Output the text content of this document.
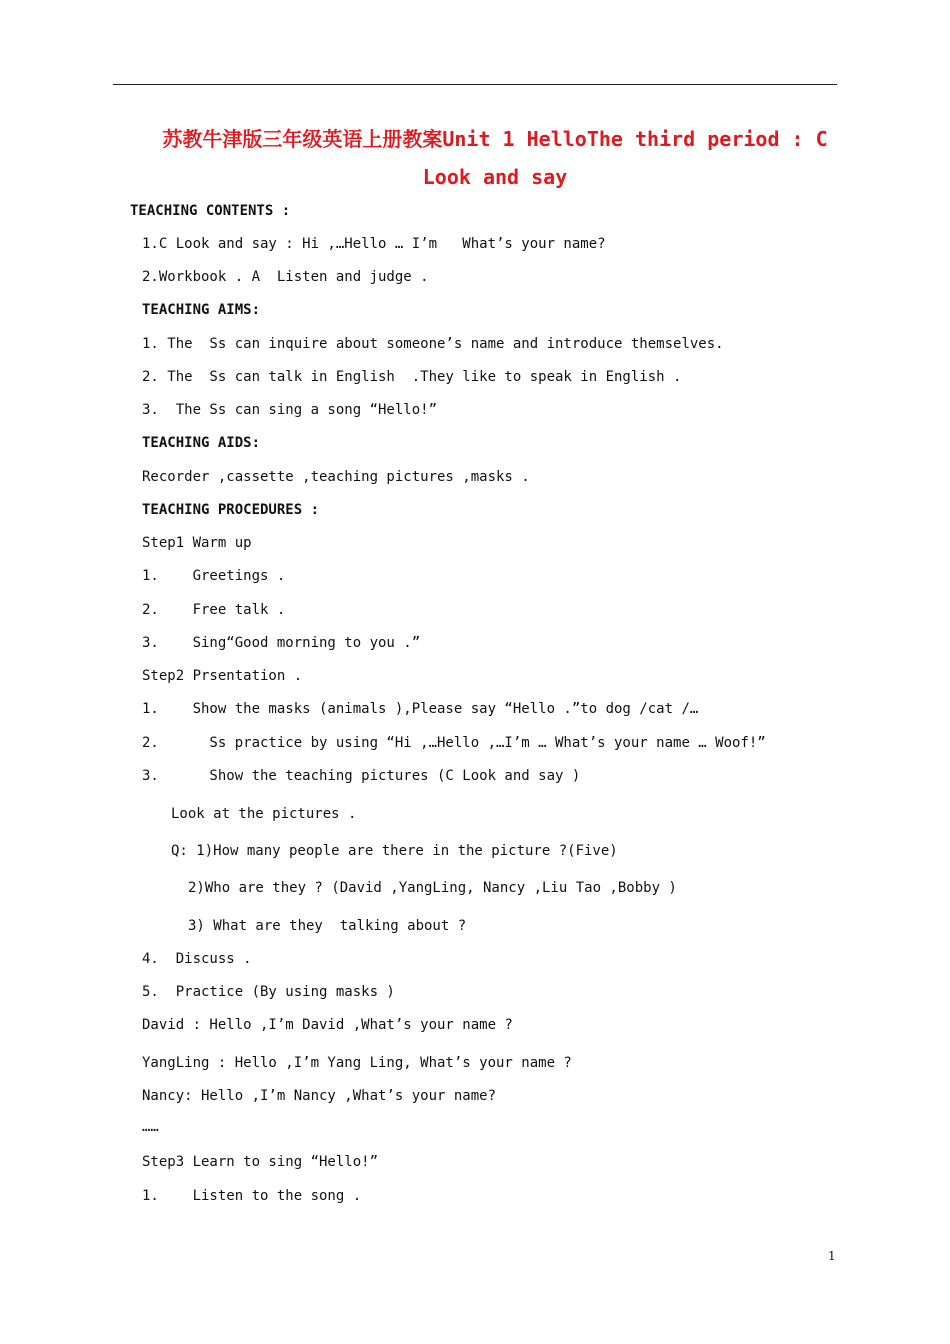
苏教牛津版三年级英语上册教案Unit 1 HelloThe third period : C
Look and say
TEACHING CONTENTS :
1.C Look and say : Hi ,…Hello … I’m   What’s your name?
2.Workbook . A  Listen and judge .
TEACHING AIMS:
1. The  Ss can inquire about someone’s name and introduce themselves.
2. The  Ss can talk in English  .They like to speak in English .
3.  The Ss can sing a song “Hello!”
TEACHING AIDS:
Recorder ,cassette ,teaching pictures ,masks .
TEACHING PROCEDURES :
Step1 Warm up
1.    Greetings .
2.    Free talk .
3.    Sing“Good morning to you .”
Step2 Prsentation .
1.    Show the masks (animals ),Please say “Hello .”to dog /cat /…
2.      Ss practice by using “Hi ,…Hello ,…I’m … What’s your name … Woof!”
3.      Show the teaching pictures (C Look and say )
Look at the pictures .
Q: 1)How many people are there in the picture ?(Five)
2)Who are they ? (David ,YangLing, Nancy ,Liu Tao ,Bobby )
3) What are they  talking about ?
4.  Discuss .
5.  Practice (By using masks )
David : Hello ,I’m David ,What’s your name ?
YangLing : Hello ,I’m Yang Ling, What’s your name ?
Nancy: Hello ,I’m Nancy ,What’s your name?
……
Step3 Learn to sing “Hello!”
1.    Listen to the song .
1
